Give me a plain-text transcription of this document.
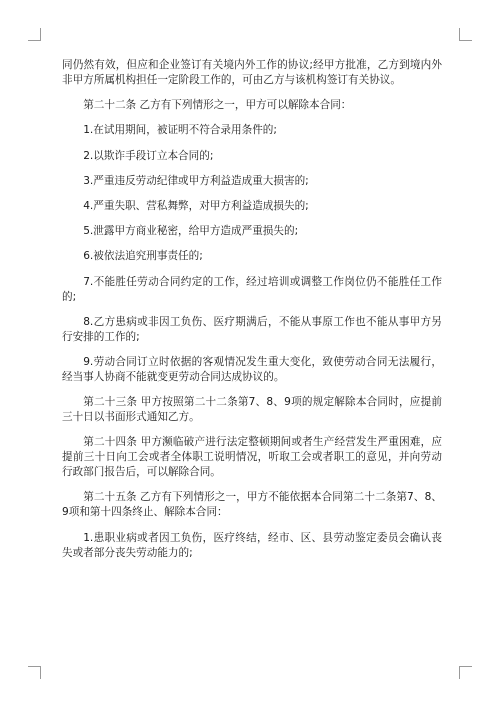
同仍然有效，但应和企业签订有关境内外工作的协议;经甲方批准，乙方到境内外非甲方所属机构担任一定阶段工作的，可由乙方与该机构签订有关协议。

第二十二条 乙方有下列情形之一，甲方可以解除本合同：

1.在试用期间，被证明不符合录用条件的;

2.以欺诈手段订立本合同的;

3.严重违反劳动纪律或甲方利益造成重大损害的;

4.严重失职、营私舞弊，对甲方利益造成损失的;

5.泄露甲方商业秘密，给甲方造成严重损失的;

6.被依法追究刑事责任的;

7.不能胜任劳动合同约定的工作，经过培训或调整工作岗位仍不能胜任工作的;

8.乙方患病或非因工负伤、医疗期满后，不能从事原工作也不能从事甲方另行安排的工作的;

9.劳动合同订立时依据的客观情况发生重大变化，致使劳动合同无法履行，经当事人协商不能就变更劳动合同达成协议的。

第二十三条 甲方按照第二十二条第7、8、9项的规定解除本合同时，应提前三十日以书面形式通知乙方。

第二十四条 甲方濒临破产进行法定整顿期间或者生产经营发生严重困难，应提前三十日向工会或者全体职工说明情况，听取工会或者职工的意见，并向劳动行政部门报告后，可以解除合同。

第二十五条 乙方有下列情形之一，甲方不能依据本合同第二十二条第7、8、9项和第十四条终止、解除本合同：

1.患职业病或者因工负伤，医疗终结，经市、区、县劳动鉴定委员会确认丧失或者部分丧失劳动能力的;
